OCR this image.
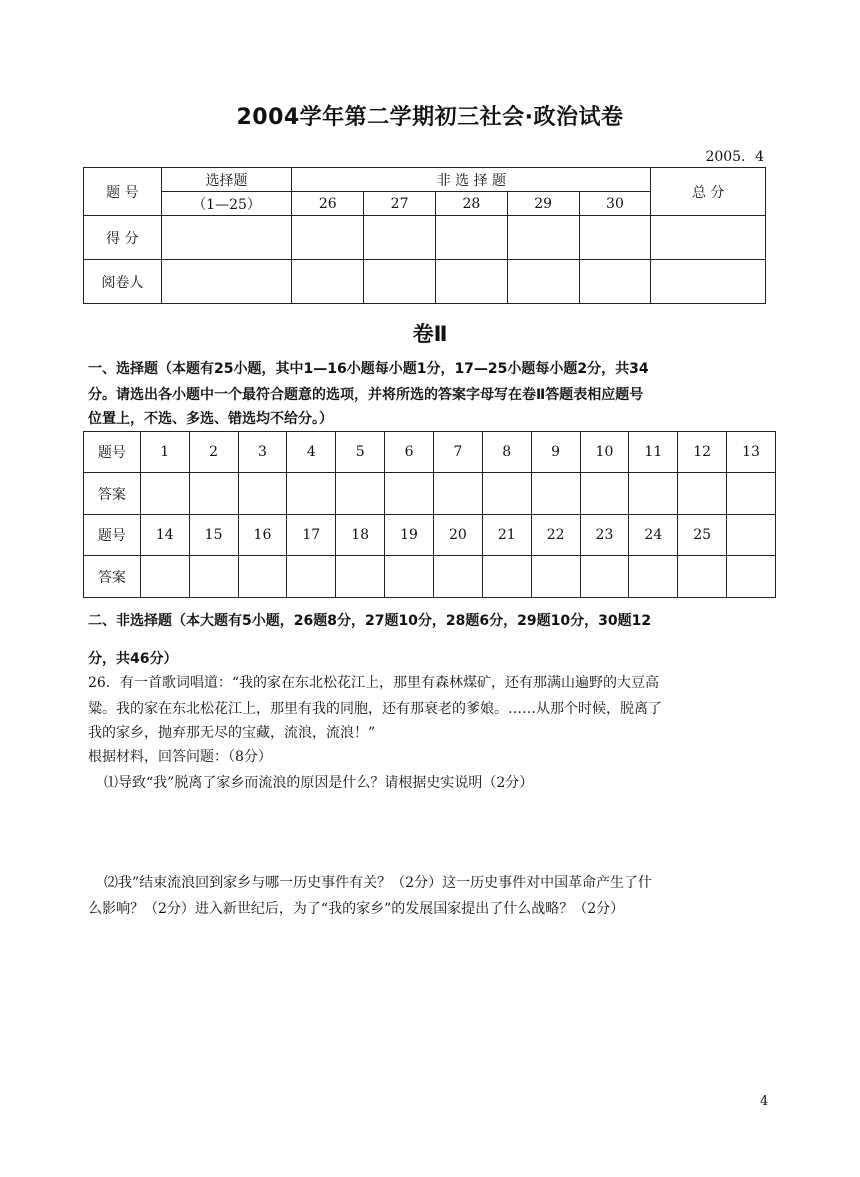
2004学年第二学期初三社会·政治试卷
2005．4
题 号	选择题	非 选 择 题					总 分
	（1—25）	26	27	28	29	30	
得 分							
阅卷人							
卷Ⅱ
一、选择题（本题有25小题，其中1—16小题每小题1分，17—25小题每小题2分，共34
分。请选出各小题中一个最符合题意的选项，并将所选的答案字母写在卷Ⅱ答题表相应题号
位置上，不选、多选、错选均不给分。）
题号	1	2	3	4	5	6	7	8	9	10	11	12	13
答案													
题号	14	15	16	17	18	19	20	21	22	23	24	25	
答案													
二、非选择题（本大题有5小题，26题8分，27题10分，28题6分，29题10分，30题12
分，共46分）
26．有一首歌词唱道：“我的家在东北松花江上，那里有森林煤矿，还有那满山遍野的大豆高
粱。我的家在东北松花江上，那里有我的同胞，还有那衰老的爹娘。……从那个时候，脱离了
我的家乡，抛弃那无尽的宝藏，流浪，流浪！”
根据材料，回答问题：（8分）
⑴导致“我”脱离了家乡而流浪的原因是什么？请根据史实说明（2分）
⑵我”结束流浪回到家乡与哪一历史事件有关？（2分）这一历史事件对中国革命产生了什
么影响？（2分）进入新世纪后，为了“我的家乡”的发展国家提出了什么战略？（2分）
4
